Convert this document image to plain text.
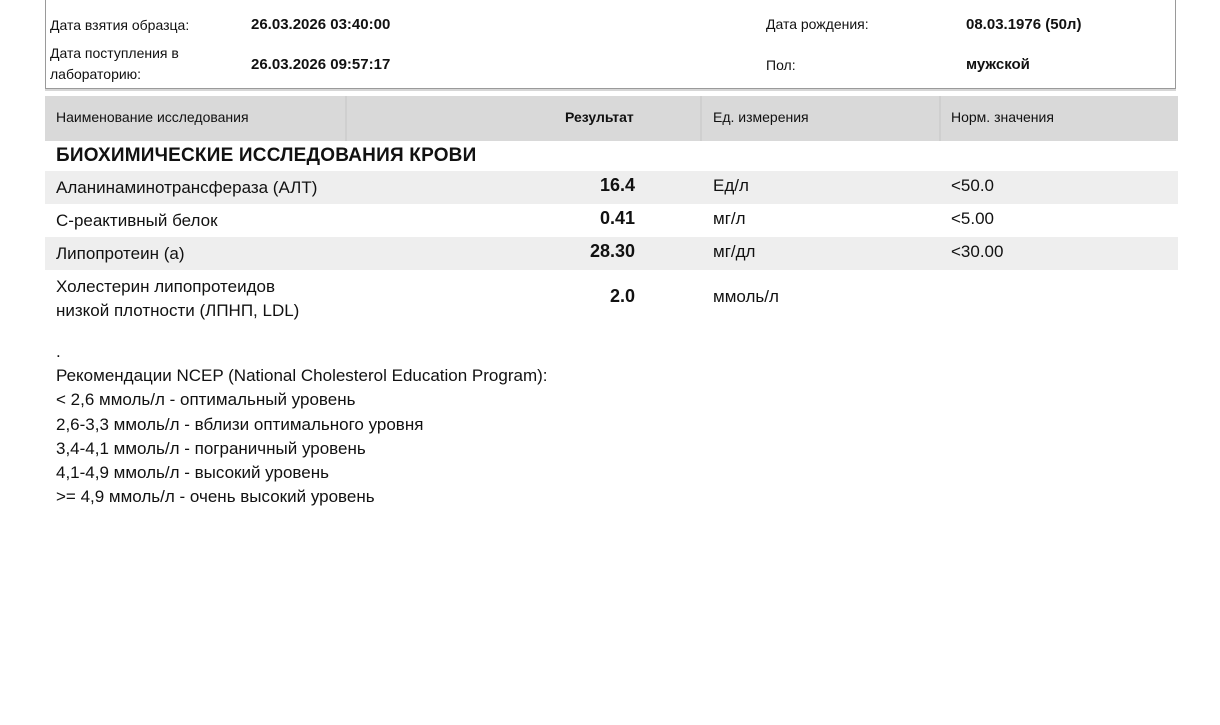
Дата взятия образца:	26.03.2026 03:40:00
Дата поступления в
лабораторию:
26.03.2026 09:57:17
Дата рождения:	08.03.1976 (50л)
Пол:	мужской
Наименование исследования	Результат	Ед. измерения	Норм. значения
БИОХИМИЧЕСКИЕ ИССЛЕДОВАНИЯ КРОВИ
Аланинаминотрансфераза (АЛТ)	16.4	Ед/л	<50.0
С-реактивный белок	0.41	мг/л	<5.00
Липопротеин (а)	28.30	мг/дл	<30.00
Холестерин липопротеидов
низкой плотности (ЛПНП, LDL)
2.0	ммоль/л
.
Рекомендации NCEP (National Cholesterol Education Program):
< 2,6 ммоль/л - оптимальный уровень
2,6-3,3 ммоль/л - вблизи оптимального уровня
3,4-4,1 ммоль/л - пограничный уровень
4,1-4,9 ммоль/л - высокий уровень
>= 4,9 ммоль/л - очень высокий уровень
